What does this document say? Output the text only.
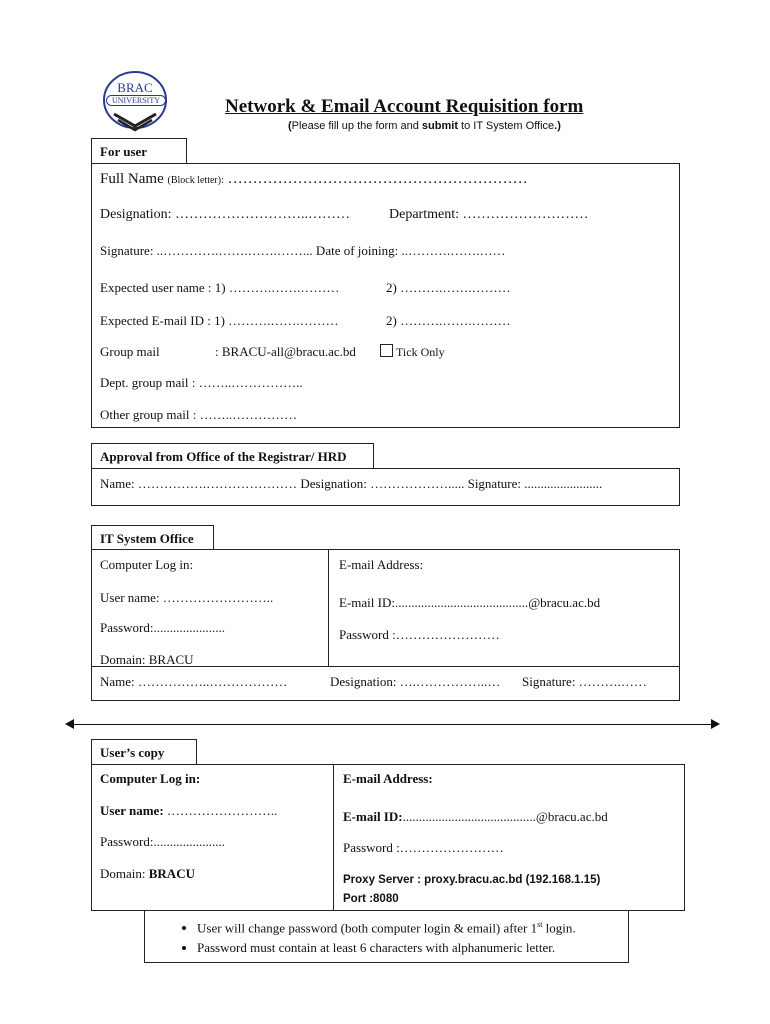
BRAC
UNIVERSITY	Network & Email Account Requisition form
(Please fill up the form and submit to IT System Office.)
For user
Full Name (Block letter): ……………………………………………………
Designation: ………………………..………	Department: ………………………
Signature: ..………….…….…….……... Date of joining: ..……….…….……
Expected user name : 1) ……….…….………	2) ……….…….………
Expected E-mail ID : 1) ……….…….………	2) ……….…….………
Group mail	: BRACU-all@bracu.ac.bd	Tick Only
Dept. group mail : ……..……………..
Other group mail : ……..……………
Approval from Office of the Registrar/ HRD
Name: …………….………………… Designation: ………………..... Signature: ........................
IT System Office
Computer Log in:
User name: ……………………..
Password:......................
Domain: BRACU
E-mail Address:
E-mail ID:.........................................@bracu.ac.bd
Password :……………………
Name: ……………..………………	Designation: ….……………..… Signature: ……….……
User’s copy
Computer Log in:
User name: ……………………..
Password:......................
Domain: BRACU
E-mail Address:
E-mail ID:.........................................@bracu.ac.bd
Password :……………………
Proxy Server : proxy.bracu.ac.bd (192.168.1.15)
Port :8080
• User will change password (both computer login & email) after 1st login.
• Password must contain at least 6 characters with alphanumeric letter.
